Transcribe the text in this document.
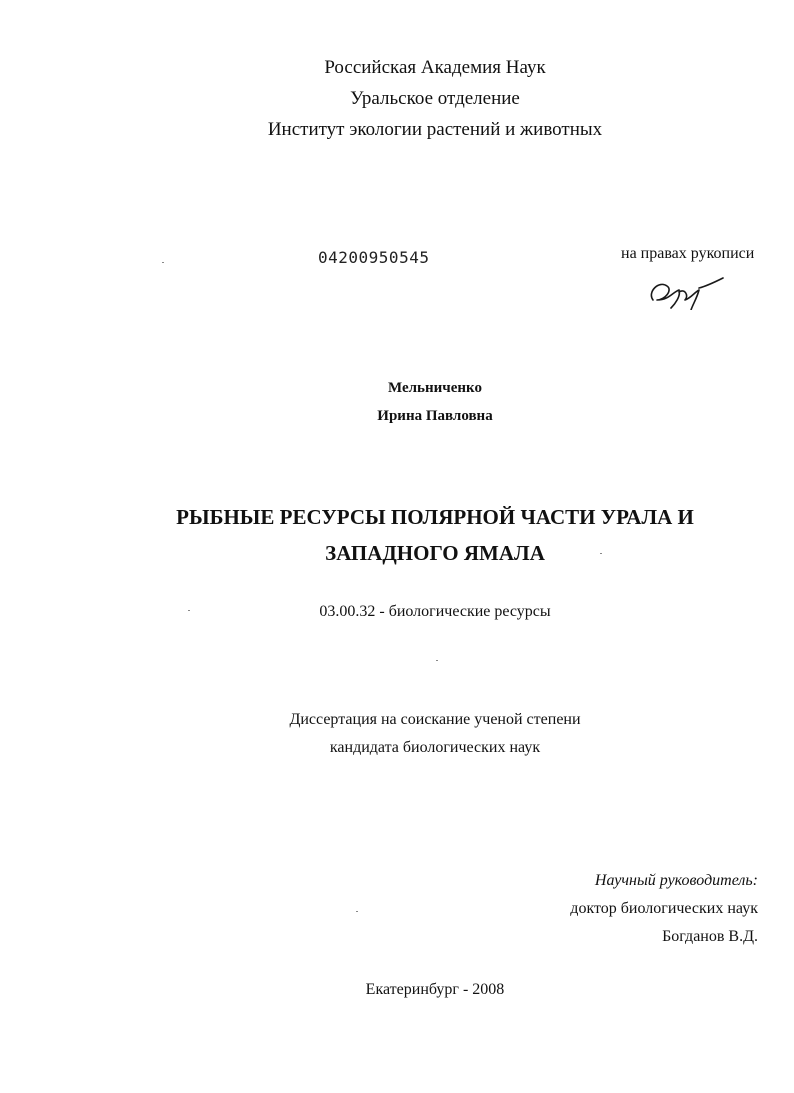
Российская Академия Наук
Уральское отделение
Институт экологии растений и животных
04200950545	на правах рукописи
Мельниченко
Ирина Павловна
РЫБНЫЕ РЕСУРСЫ ПОЛЯРНОЙ ЧАСТИ УРАЛА И
ЗАПАДНОГО ЯМАЛА
03.00.32 - биологические ресурсы
Диссертация на соискание ученой степени
кандидата биологических наук
Научный руководитель:
доктор биологических наук
Богданов В.Д.
Екатеринбург - 2008
